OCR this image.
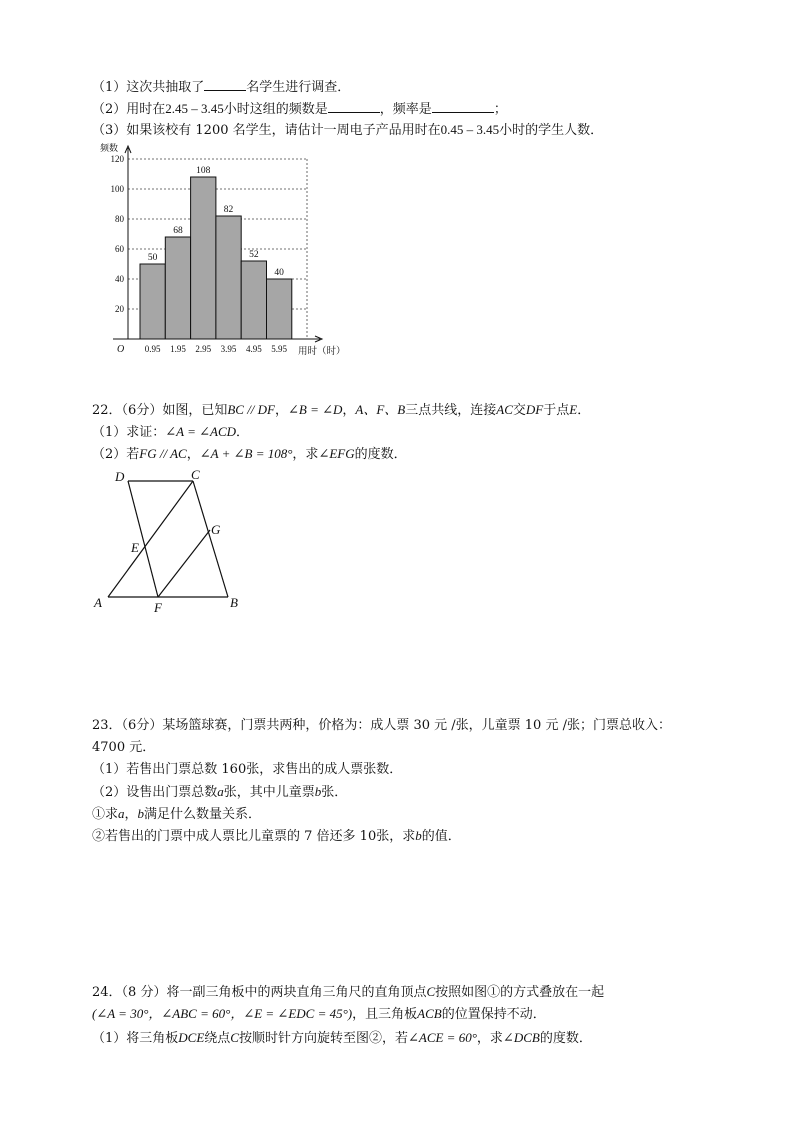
（1）这次共抽取了	名学生进行调查．
（2）用时在2.45 – 3.45小时这组的频数是	，频率是	；
（3）如果该校有 1200 名学生，请估计一周电子产品用时在0.45 – 3.45小时的学生人数．
20
40
60
80
100
120
50
68
108
82
52
40
0.95 1.95 2.95 3.95 4.95 5.95
频数
用时（时）
O
22．（6分）如图，已知BC // DF，∠B = ∠D，A、F、B三点共线，连接AC交DF于点E．
（1）求证：∠A = ∠ACD．
（2）若FG // AC，∠A + ∠B = 108°，求∠EFG的度数．
D	C
G
E
A	F	B
23．（6分）某场篮球赛，门票共两种，价格为：成人票 30 元 /张，儿童票 10 元 /张；门票总收入：
4700 元．
（1）若售出门票总数 160张，求售出的成人票张数．
（2）设售出门票总数a张，其中儿童票b张．
①求a，b满足什么数量关系．
②若售出的门票中成人票比儿童票的 7 倍还多 10张，求b的值．
24．（8 分）将一副三角板中的两块直角三角尺的直角顶点C按照如图①的方式叠放在一起
(∠A = 30°，∠ABC = 60°，∠E = ∠EDC = 45°)，且三角板ACB的位置保持不动．
（1）将三角板DCE绕点C按顺时针方向旋转至图②，若∠ACE = 60°，求∠DCB的度数．
